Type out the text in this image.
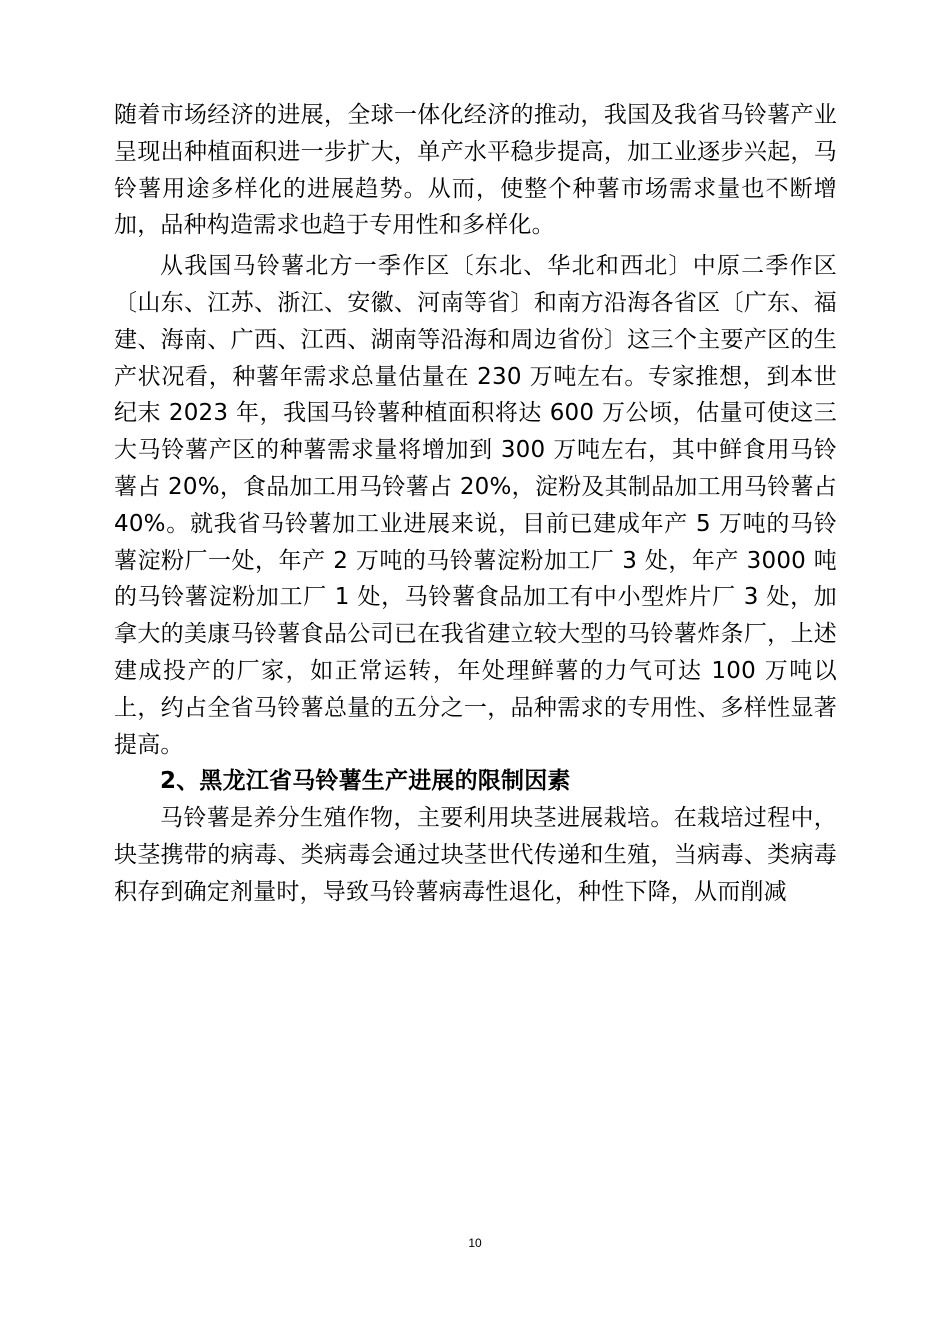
随着市场经济的进展，全球一体化经济的推动，我国及我省马铃薯产业呈现出种植面积进一步扩大，单产水平稳步提高，加工业逐步兴起，马铃薯用途多样化的进展趋势。从而，使整个种薯市场需求量也不断增加，品种构造需求也趋于专用性和多样化。

从我国马铃薯北方一季作区〔东北、华北和西北〕中原二季作区〔山东、江苏、浙江、安徽、河南等省〕和南方沿海各省区〔广东、福建、海南、广西、江西、湖南等沿海和周边省份〕这三个主要产区的生产状况看，种薯年需求总量估量在 230 万吨左右。专家推想，到本世纪末 2023 年，我国马铃薯种植面积将达 600 万公顷，估量可使这三大马铃薯产区的种薯需求量将增加到 300 万吨左右，其中鲜食用马铃薯占 20%，食品加工用马铃薯占 20%，淀粉及其制品加工用马铃薯占 40%。就我省马铃薯加工业进展来说，目前已建成年产 5 万吨的马铃薯淀粉厂一处，年产 2 万吨的马铃薯淀粉加工厂 3 处，年产 3000 吨的马铃薯淀粉加工厂 1 处，马铃薯食品加工有中小型炸片厂 3 处，加拿大的美康马铃薯食品公司已在我省建立较大型的马铃薯炸条厂，上述建成投产的厂家，如正常运转，年处理鲜薯的力气可达 100 万吨以上，约占全省马铃薯总量的五分之一，品种需求的专用性、多样性显著提高。

2、黑龙江省马铃薯生产进展的限制因素

马铃薯是养分生殖作物，主要利用块茎进展栽培。在栽培过程中，块茎携带的病毒、类病毒会通过块茎世代传递和生殖，当病毒、类病毒积存到确定剂量时，导致马铃薯病毒性退化，种性下降，从而削减

10
